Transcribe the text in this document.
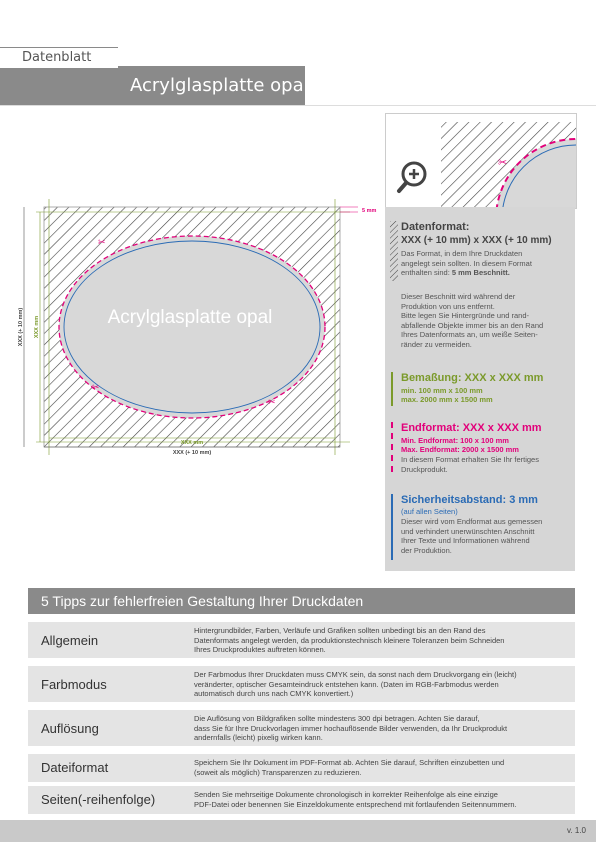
Datenblatt
Acrylglasplatte opal
✂
✂
✂
Acrylglasplatte opal
5 mm
XXX mm
XXX (+ 10 mm)
XXX mm
XXX (+ 10 mm)
✂
Datenformat:
XXX (+ 10 mm) x XXX (+ 10 mm)
Das Format, in dem Ihre Druckdaten
angelegt sein sollten. In diesem Format
enthalten sind: 5 mm Beschnitt.
Dieser Beschnitt wird während der
Produktion von uns entfernt.
Bitte legen Sie Hintergründe und rand-
abfallende Objekte immer bis an den Rand
Ihres Datenformats an, um weiße Seiten-
ränder zu vermeiden.
Bemaßung: XXX x XXX mm
min. 100 mm x 100 mm
max. 2000 mm x 1500 mm
Endformat: XXX x XXX mm
Min. Endformat: 100 x 100 mm
Max. Endformat: 2000 x 1500 mm
In diesem Format erhalten Sie Ihr fertiges
Druckprodukt.
Sicherheitsabstand: 3 mm
(auf allen Seiten)
Dieser wird vom Endformat aus gemessen
und verhindert unerwünschten Anschnitt
Ihrer Texte und Informationen während
der Produktion.
5 Tipps zur fehlerfreien Gestaltung Ihrer Druckdaten
Allgemein
Hintergrundbilder, Farben, Verläufe und Grafiken sollten unbedingt bis an den Rand des
Datenformats angelegt werden, da produktionstechnisch kleinere Toleranzen beim Schneiden
Ihres Druckproduktes auftreten können.
Farbmodus
Der Farbmodus Ihrer Druckdaten muss CMYK sein, da sonst nach dem Druckvorgang ein (leicht)
veränderter, optischer Gesamteindruck entstehen kann. (Daten im RGB-Farbmodus werden
automatisch durch uns nach CMYK konvertiert.)
Auflösung
Die Auflösung von Bildgrafiken sollte mindestens 300 dpi betragen. Achten Sie darauf,
dass Sie für Ihre Druckvorlagen immer hochauflösende Bilder verwenden, da Ihr Druckprodukt
andernfalls (leicht) pixelig wirken kann.
Dateiformat	Speichern Sie Ihr Dokument im PDF-Format ab. Achten Sie darauf, Schriften einzubetten und
(soweit als möglich) Transparenzen zu reduzieren.
Seiten(-reihenfolge)	Senden Sie mehrseitige Dokumente chronologisch in korrekter Reihenfolge als eine einzige
PDF-Datei oder benennen Sie Einzeldokumente entsprechend mit fortlaufenden Seitennummern.
v. 1.0
